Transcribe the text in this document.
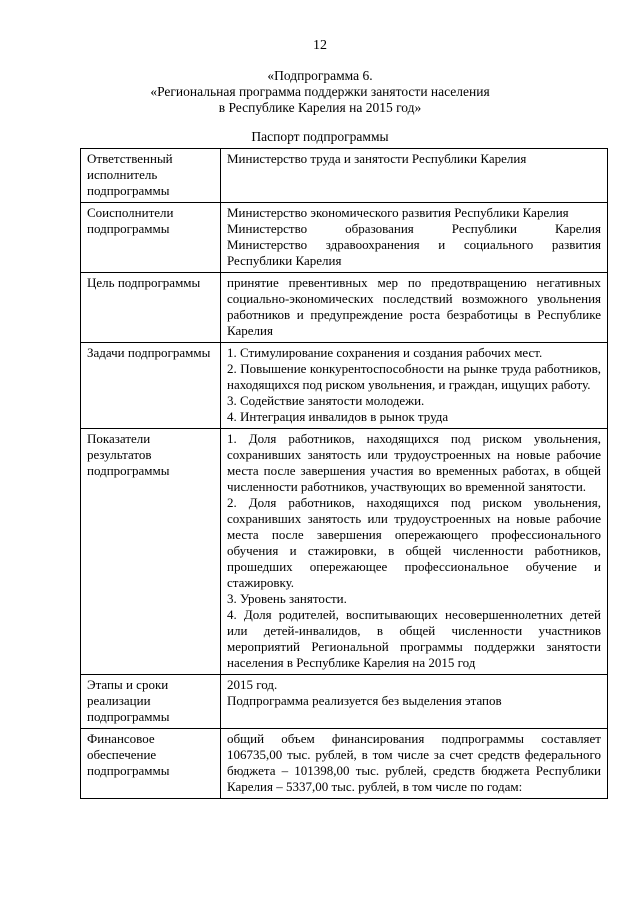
12
«Подпрограмма 6.
«Региональная программа поддержки занятости населения
в Республике Карелия на 2015 год»
Паспорт подпрограммы
Ответственный исполнитель подпрограммы	Министерство труда и занятости Республики Карелия

Соисполнители подпрограммы	Министерство экономического развития Республики Карелия
Министерство образования Республики Карелия
Министерство здравоохранения и социального развития Республики Карелия

Цель подпрограммы	принятие превентивных мер по предотвращению негативных социально-экономических последствий возможного увольнения работников и предупреждение роста безработицы в Республике Карелия

Задачи подпрограммы	1. Стимулирование сохранения и создания рабочих мест.
2. Повышение конкурентоспособности на рынке труда работников, находящихся под риском увольнения, и граждан, ищущих работу.
3. Содействие занятости молодежи.
4. Интеграция инвалидов в рынок труда

Показатели результатов подпрограммы	1. Доля работников, находящихся под риском увольнения, сохранивших занятость или трудоустроенных на новые рабочие места после завершения участия во временных работах, в общей численности работников, участвующих во временной занятости.
2. Доля работников, находящихся под риском увольнения, сохранивших занятость или трудоустроенных на новые рабочие места после завершения опережающего профессионального обучения и стажировки, в общей численности работников, прошедших опережающее профессиональное обучение и стажировку.
3. Уровень занятости.
4. Доля родителей, воспитывающих несовершеннолетних детей или детей-инвалидов, в общей численности участников мероприятий Региональной программы поддержки занятости населения в Республике Карелия на 2015 год

Этапы и сроки реализации подпрограммы	2015 год.
Подпрограмма реализуется без выделения этапов

Финансовое обеспечение подпрограммы	общий объем финансирования подпрограммы составляет 106735,00 тыс. рублей, в том числе за счет средств федерального бюджета – 101398,00 тыс. рублей, средств бюджета Республики Карелия – 5337,00 тыс. рублей, в том числе по годам:
